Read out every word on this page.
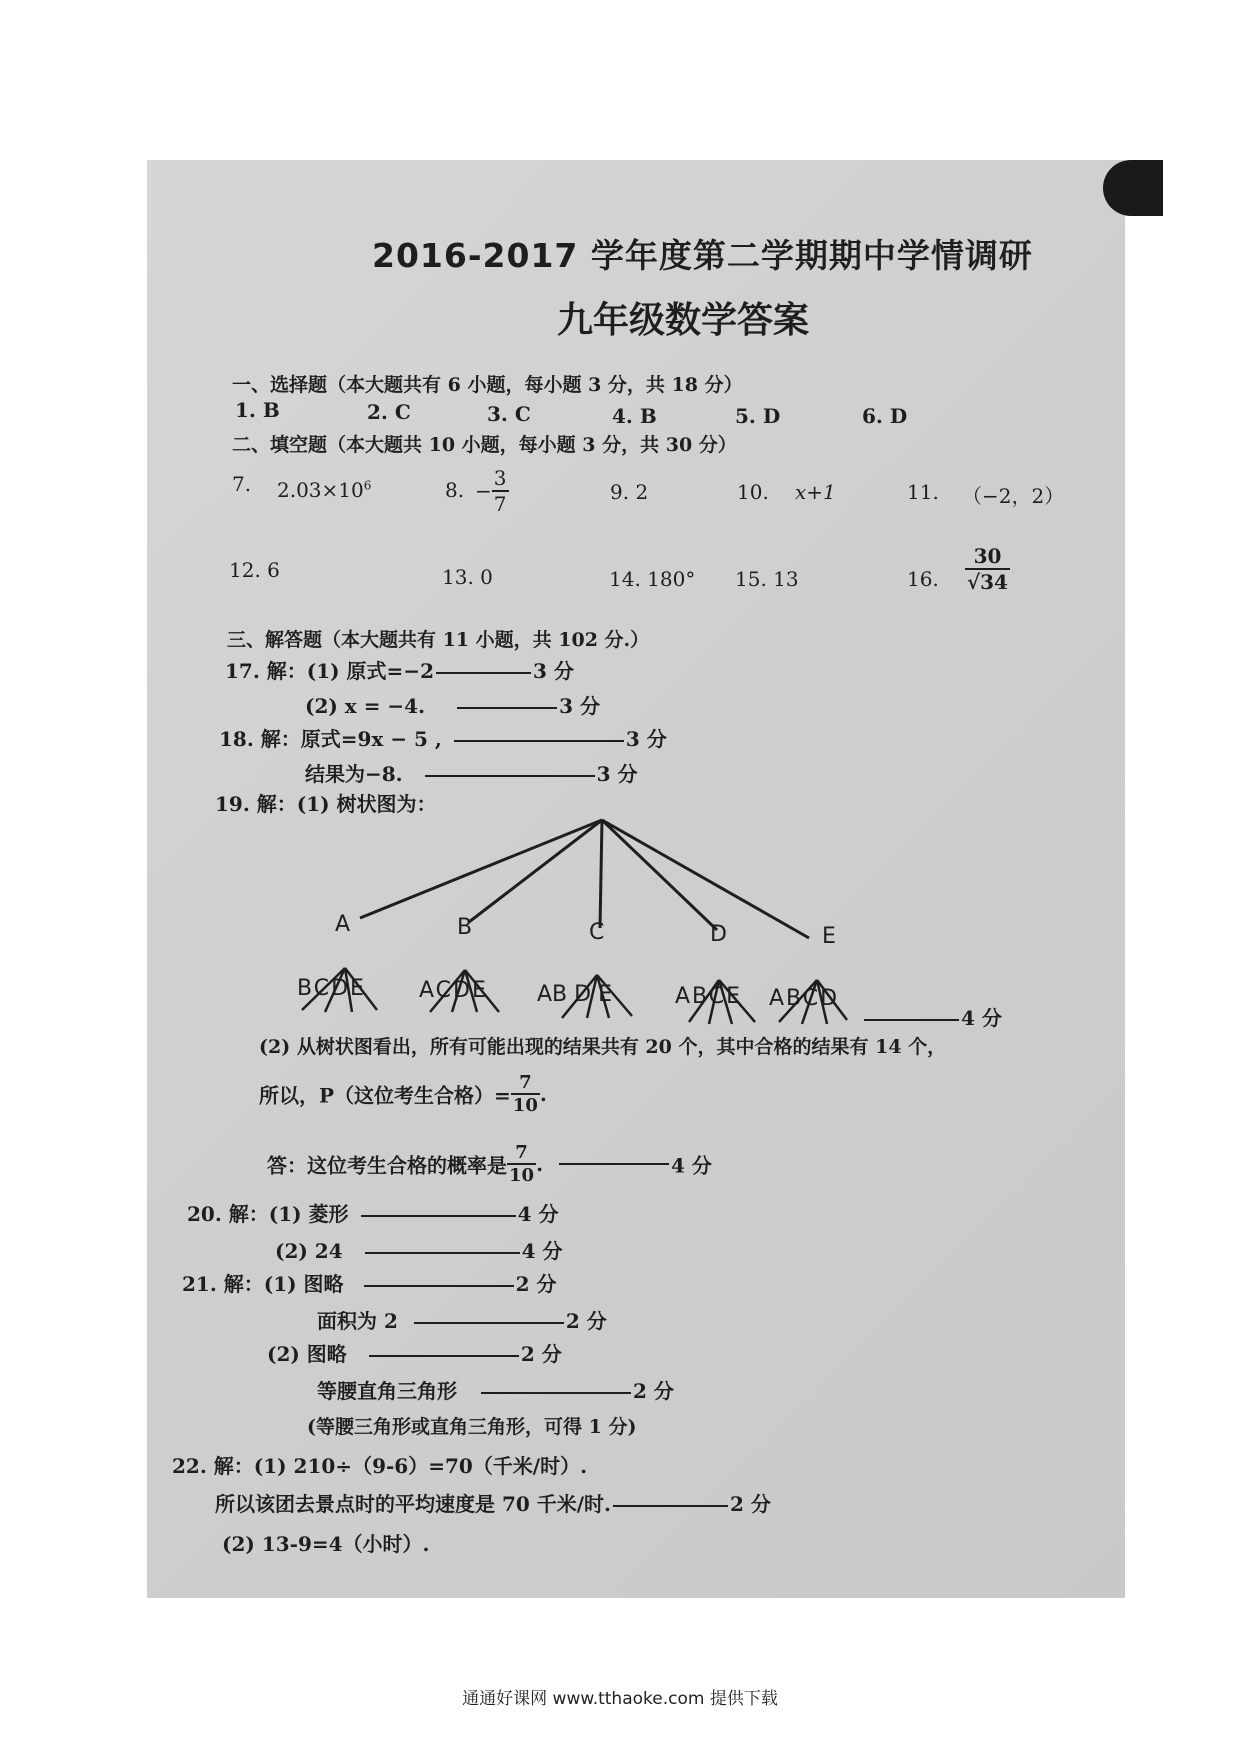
2016-2017 学年度第二学期期中学情调研
九年级数学答案
一、选择题（本大题共有 6 小题，每小题 3 分，共 18 分）
1. B	2. C	3. C	4. B	5. D	6. D
二、填空题（本大题共 10 小题，每小题 3 分，共 30 分）
7. $2.03\times 10^6$	8. − $\frac{3}{7}$	9. 2	10. x+1	11. （−2，2）
12. 6	13. 0	14. 180° 15. 13	16. $\frac{30}{√34}$
三、解答题（本大题共有 11 小题，共 102 分.）
17. 解：(1) 原式=−2	3 分
(2) x = −4.	3 分
18. 解：原式=9x − 5 ,	3 分
结果为−8.	3 分
19. 解：(1) 树状图为：
A	B	C	D	E
BCDE ACDE AB D E	ABCE ABCD
4 分
(2) 从树状图看出，所有可能出现的结果共有 20 个，其中合格的结果有 14 个，
所以，P（这位考生合格）= $\frac{7}{10}$ .
答：这位考生合格的概率是 $\frac{7}{10}$ .	4 分
20. 解：(1) 菱形	4 分
(2) 24	4 分
21. 解：(1) 图略	2 分
面积为 2	2 分
(2) 图略	2 分
等腰直角三角形	2 分
(等腰三角形或直角三角形，可得 1 分)
22. 解：(1) 210÷（9-6）=70（千米/时）.
所以该团去景点时的平均速度是 70 千米/时.	2 分
(2) 13-9=4（小时）.
通通好课网 www.tthaoke.com 提供下载
